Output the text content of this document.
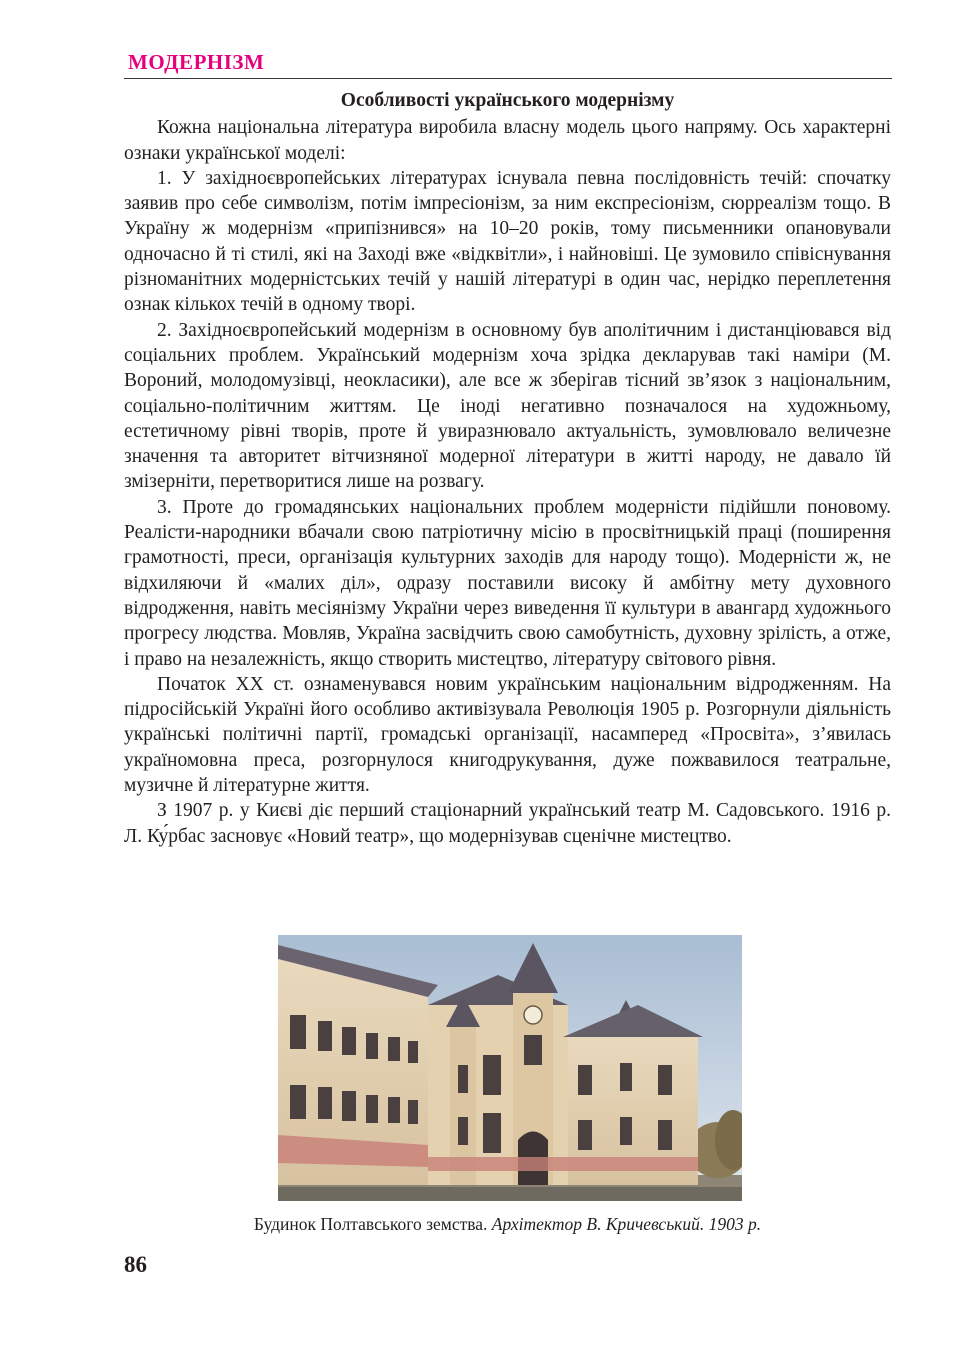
МОДЕРНІЗМ
Особливості українського модернізму

Кожна національна література виробила власну модель цього напряму. Ось характерні ознаки української моделі:

1. У західноєвропейських літературах існувала певна послідовність течій: спочатку заявив про себе символізм, потім імпресіонізм, за ним експресіонізм, сюрреалізм тощо. В Україну ж модернізм «припізнився» на 10–20 років, тому письменники опановували одночасно й ті стилі, які на Заході вже «відквітли», і найновіші. Це зумовило співіснування різноманітних модерністських течій у нашій літературі в один час, нерідко переплетення ознак кількох течій в одному творі.

2. Західноєвропейський модернізм в основному був аполітичним і дистанціювався від соціальних проблем. Український модернізм хоча зрідка декларував такі наміри (М. Вороний, молодомузівці, неокласики), але все ж зберігав тісний зв’язок з національним, соціально-політичним життям. Це іноді негативно позначалося на художньому, естетичному рівні творів, проте й увиразнювало актуальність, зумовлювало величезне значення та авторитет вітчизняної модерної літератури в житті народу, не давало їй змізерніти, перетворитися лише на розвагу.

3. Проте до громадянських національних проблем модерністи підійшли поновому. Реалісти-народники вбачали свою патріотичну місію в просвітницькій праці (поширення грамотності, преси, організація культурних заходів для народу тощо). Модерністи ж, не відхиляючи й «малих діл», одразу поставили високу й амбітну мету духовного відродження, навіть месіянізму України через виведення її культури в авангард художнього прогресу людства. Мовляв, Україна засвідчить свою самобутність, духовну зрілість, а отже, і право на незалежність, якщо створить мистецтво, літературу світового рівня.

Початок XX ст. ознаменувався новим українським національним відродженням. На підросійській Україні його особливо активізувала Революція 1905 р. Розгорнули діяльність українські політичні партії, громадські організації, насамперед «Просвіта», з’явилась україномовна преса, розгорнулося книгодрукування, дуже пожвавилося театральне, музичне й літературне життя.

З 1907 р. у Києві діє перший стаціонарний український театр М. Садовського. 1916 р. Л. Ку́рбас засновує «Новий театр», що модернізував сценічне мистецтво.

Будинок Полтавського земства. Архітектор В. Кричевський. 1903 р.
86
